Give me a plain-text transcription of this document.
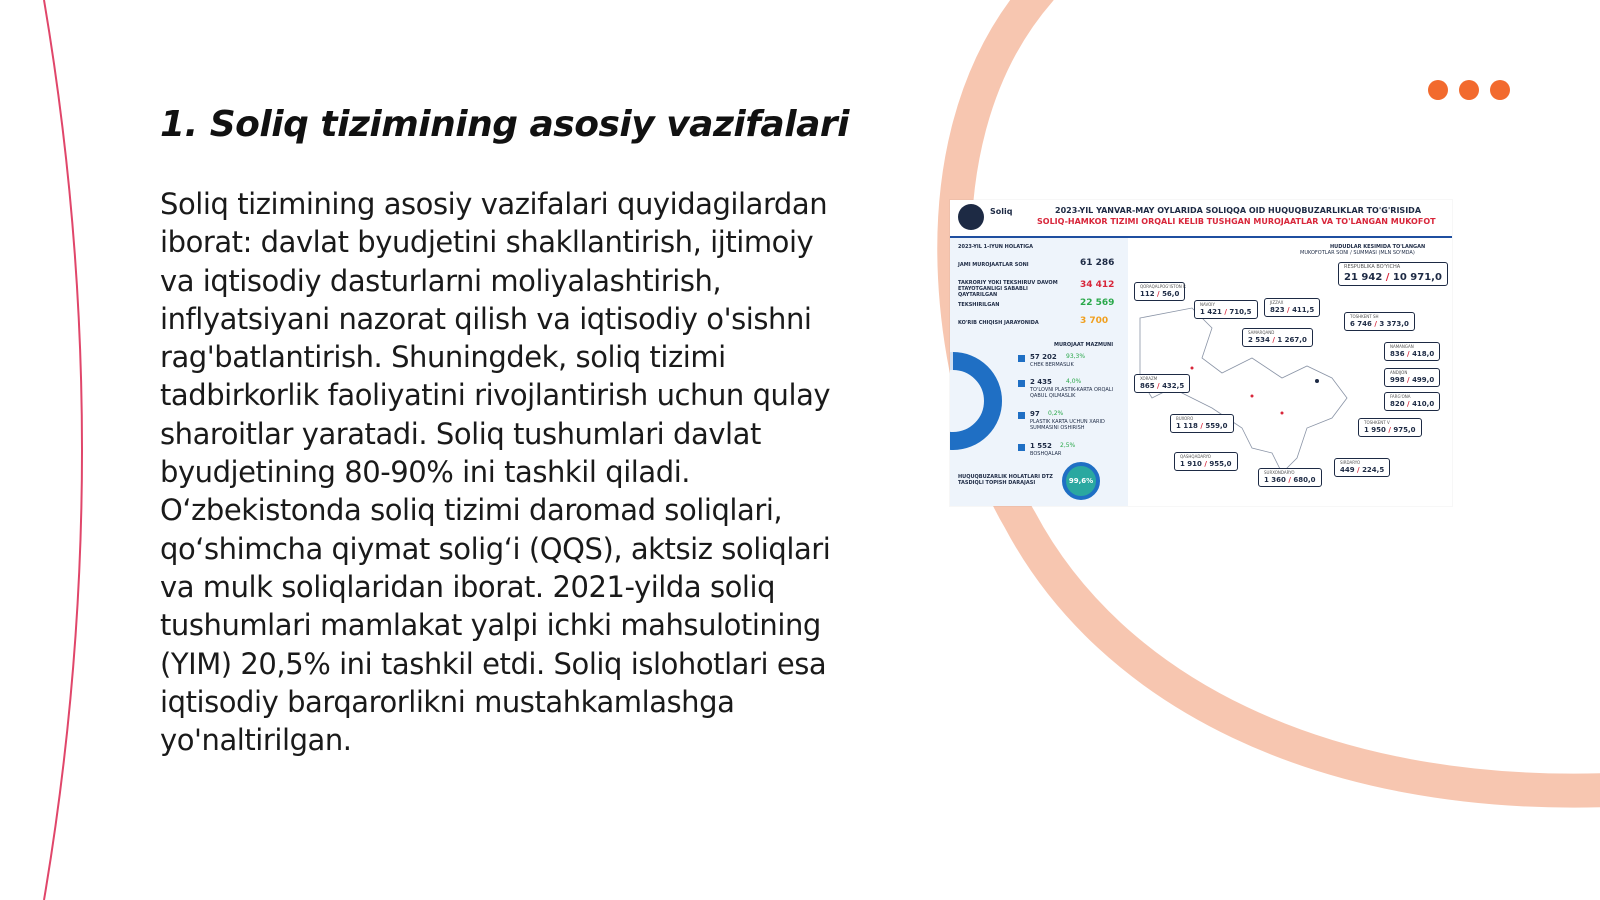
1. Soliq tizimining asosiy vazifalari

Soliq tizimining asosiy vazifalari quyidagilardan iborat: davlat byudjetini shakllantirish, ijtimoiy va iqtisodiy dasturlarni moliyalashtirish, inflyatsiyani nazorat qilish va iqtisodiy o'sishni rag'batlantirish. Shuningdek, soliq tizimi tadbirkorlik faoliyatini rivojlantirish uchun qulay sharoitlar yaratadi. Soliq tushumlari davlat byudjetining 80-90% ini tashkil qiladi. O‘zbekistonda soliq tizimi daromad soliqlari, qo‘shimcha qiymat solig‘i (QQS), aktsiz soliqlari va mulk soliqlaridan iborat. 2021-yilda soliq tushumlari mamlakat yalpi ichki mahsulotining (YIM) 20,5% ini tashkil etdi. Soliq islohotlari esa iqtisodiy barqarorlikni mustahkamlashga yo'naltirilgan.

Soliq	2023-YIL YANVAR-MAY OYLARIDA SOLIQQA OID HUQUQBUZARLIKLAR TO'G'RISIDA
SOLIQ-HAMKOR TIZIMI ORQALI KELIB TUSHGAN MUROJAATLAR VA TO'LANGAN MUKOFOT
2023-YIL 1-IYUN HOLATIGA
JAMI MUROJAATLAR SONI	61 286
TAKRORIY YOKI TEKSHIRUV DAVOM ETAYOTGANLIGI SABABLI QAYTARILGAN
34 412
TEKSHIRILGAN	22 569
KO'RIB CHIQISH JARAYONIDA	3 700
MUROJAAT MAZMUNI
57 202 93,3%
CHEK BERMASLIK
2 435 4,0%
TO'LOVNI PLASTIK-KARTA ORQALI QABUL QILMASLIK
97 0,2%
PLASTIK KARTA UCHUN XARID SUMMASINI OSHIRISH
1 552 2,5%
BOSHQALAR
HUQUQBUZARLIK HOLATLARI DTZ TASDIQLI TOPISH DARAJASI	99,6%
HUDUDLAR KESIMIDA TO'LANGAN
MUKOFOTLAR SONI / SUMMASI (MLN SO'MDA)
RESPUBLIKA BO'YICHA
21 942 / 10 971,0
QORAQALPOG'ISTON R
112 / 56,0
NAVOIY
1 421 / 710,5
JIZZAX
823 / 411,5
TOSHKENT SH
6 746 / 3 373,0
SAMARQAND
2 534 / 1 267,0
NAMANGAN
836 / 418,0
XORAZM
865 / 432,5
ANDIJON
998 / 499,0
FARG'ONA
820 / 410,0
BUXORO
1 118 / 559,0	TOSHKENT V
1 950 / 975,0
QASHQADARYO
1 910 / 955,0
SURXONDARYO
1 360 / 680,0
SIRDARYO
449 / 224,5
